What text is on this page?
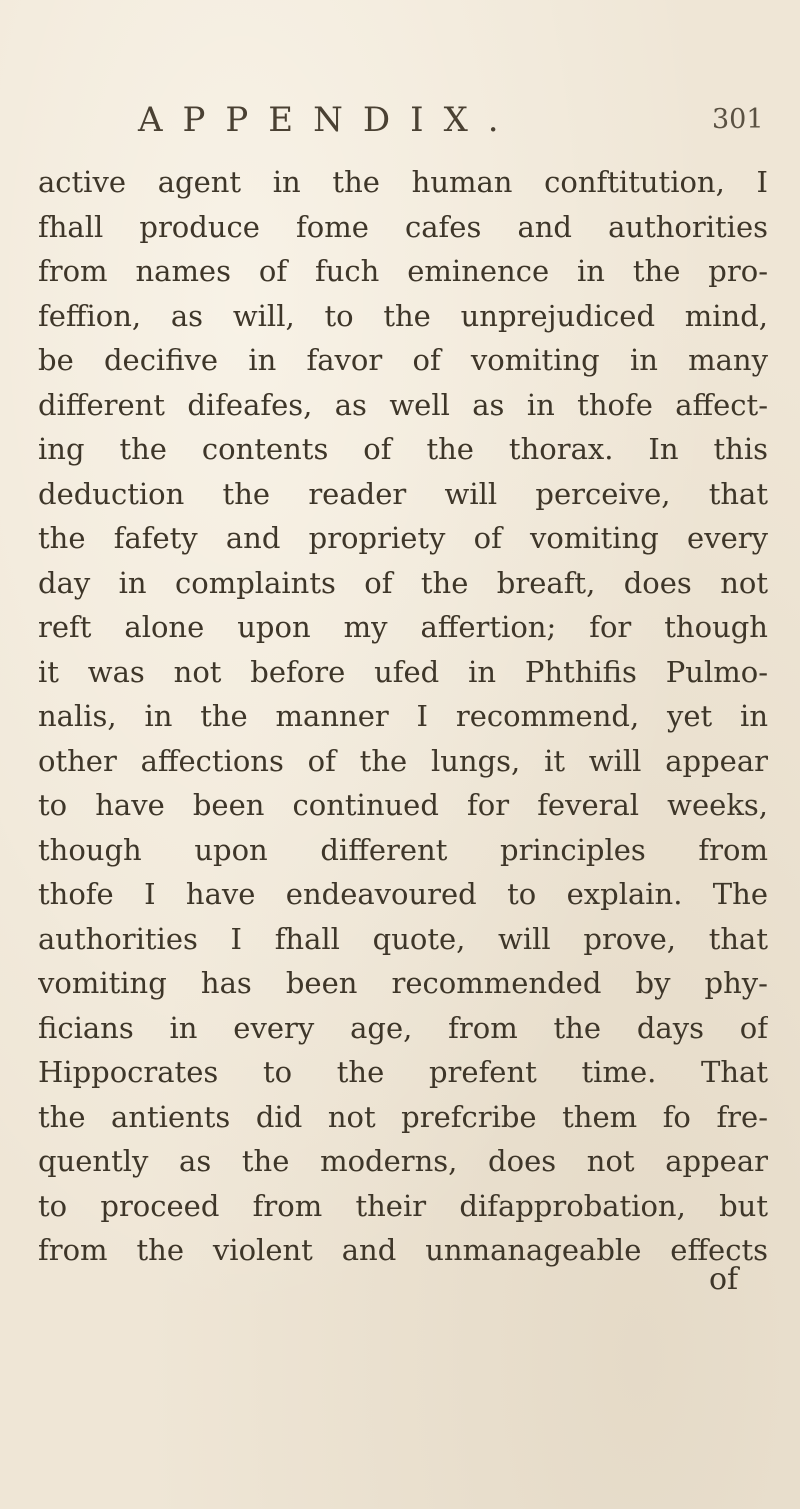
APPENDIX.	301
active agent in the human conftitution, I
fhall produce fome cafes and authorities
from names of fuch eminence in the pro-
feffion, as will, to the unprejudiced mind,
be decifive in favor of vomiting in many
different difeafes, as well as in thofe affect-
ing the contents of the thorax. In this
deduction the reader will perceive, that
the fafety and propriety of vomiting every
day in complaints of the breaft, does not
reft alone upon my affertion; for though
it was not before ufed in Phthifis Pulmo-
nalis, in the manner I recommend, yet in
other affections of the lungs, it will appear
to have been continued for feveral weeks,
though upon different principles from
thofe I have endeavoured to explain. The
authorities I fhall quote, will prove, that
vomiting has been recommended by phy-
ficians in every age, from the days of
Hippocrates to the prefent time. That
the antients did not prefcribe them fo fre-
quently as the moderns, does not appear
to proceed from their difapprobation, but
from the violent and unmanageable effects
of
